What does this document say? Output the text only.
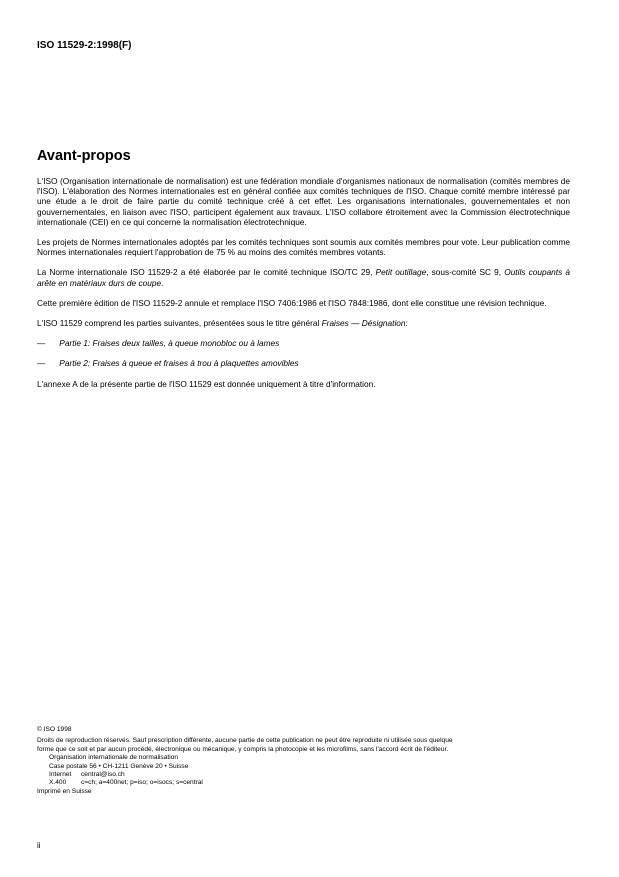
ISO 11529-2:1998(F)
Avant-propos

L'ISO (Organisation internationale de normalisation) est une fédération mondiale d'organismes nationaux de normalisation (comités membres de l'ISO). L'élaboration des Normes internationales est en général confiée aux comités techniques de l'ISO. Chaque comité membre intéressé par une étude a le droit de faire partie du comité technique créé à cet effet. Les organisations internationales, gouvernementales et non gouvernementales, en liaison avec l'ISO, participent également aux travaux. L'ISO collabore étroitement avec la Commission électrotechnique internationale (CEI) en ce qui concerne la normalisation électrotechnique.

Les projets de Normes internationales adoptés par les comités techniques sont soumis aux comités membres pour vote. Leur publication comme Normes internationales requiert l'approbation de 75 % au moins des comités membres votants.

La Norme internationale ISO 11529-2 a été élaborée par le comité technique ISO/TC 29, Petit outillage, sous-comité SC 9, Outils coupants à arête en matériaux durs de coupe.

Cette première édition de l'ISO 11529-2 annule et remplace l'ISO 7406:1986 et l'ISO 7848:1986, dont elle constitue une révision technique.

L'ISO 11529 comprend les parties suivantes, présentées sous le titre général Fraises — Désignation:

— Partie 1: Fraises deux tailles, à queue monobloc ou à lames

— Partie 2: Fraises à queue et fraises à trou à plaquettes amovibles

L'annexe A de la présente partie de l'ISO 11529 est donnée uniquement à titre d'information.

© ISO 1998
Droits de reproduction réservés. Sauf prescription différente, aucune partie de cette publication ne peut être reproduite ni utilisée sous quelque
forme que ce soit et par aucun procédé, électronique ou mécanique, y compris la photocopie et les microfilms, sans l'accord écrit de l'éditeur.
Organisation internationale de normalisation
Case postale 56 • CH-1211 Genève 20 • Suisse
Internet central@iso.ch
X.400 c=ch; a=400net; p=iso; o=isocs; s=central
Imprimé en Suisse
ii
